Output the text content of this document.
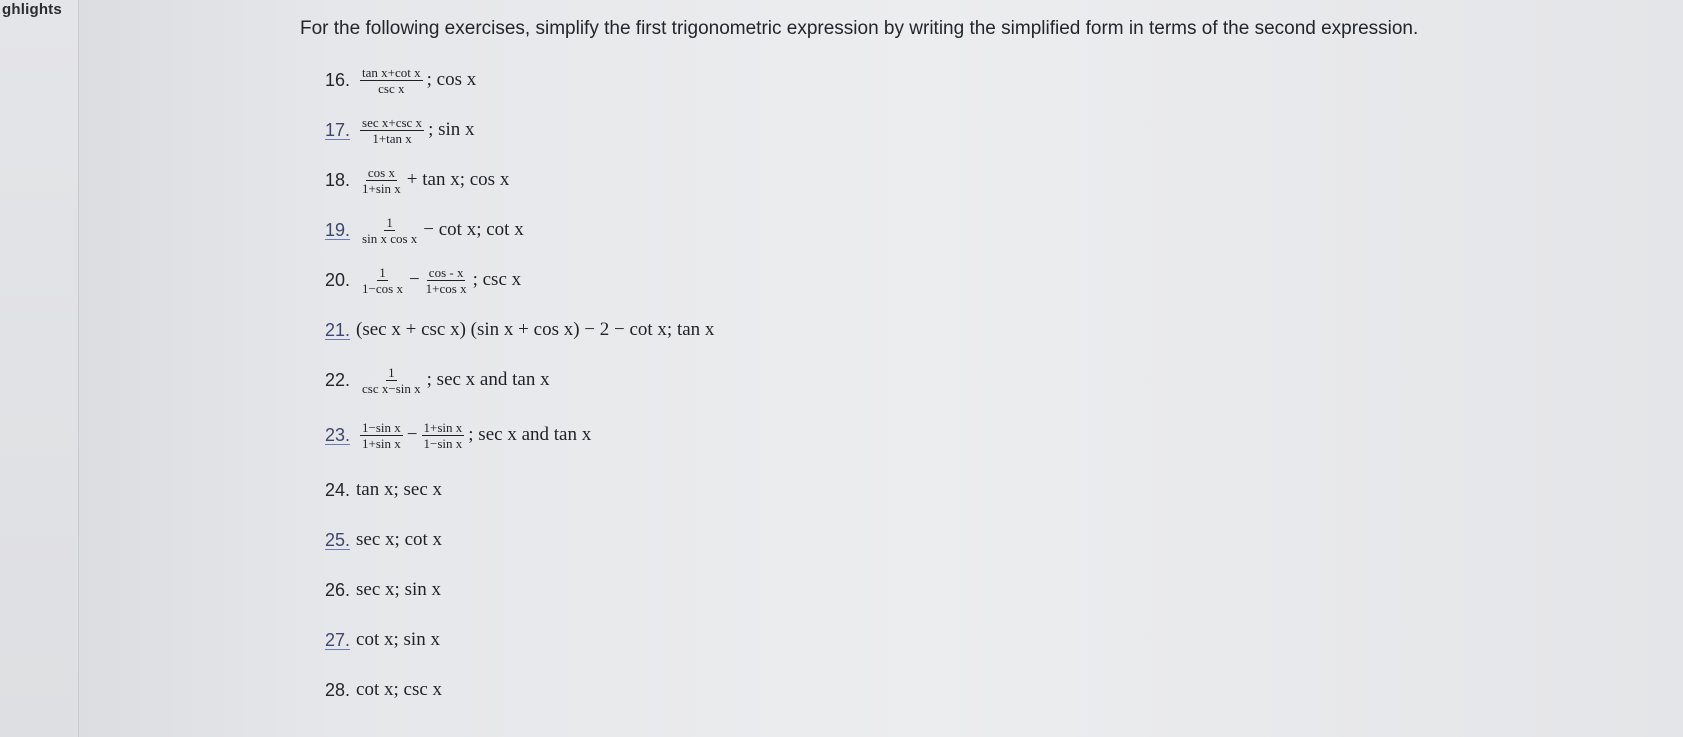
ghlights
For the following exercises, simplify the first trigonometric expression by writing the simplified form in terms of the second expression.
16. $\frac{\text{tan x+cot x}}{\text{csc x}}$ ; cos x
17. $\frac{\text{sec x+csc x}}{\text{1+tan x}}$ ; sin x
18. $\frac{\text{cos x}}{\text{1+sin x}} + \tan x$; cos x
19. $\frac{1}{\text{sin x cos x}} - \cot x$; cot x
20. $\frac{1}{\text{1−cos x}} - \frac{\cos - x}{\text{1+cos x}}$ ; csc x
21. (sec x + csc x) (sin x + cos x) − 2 − cot x; tan x
22. $\frac{1}{\text{csc x−sin x}}$ ; sec x and tan x
23. $\frac{\text{1−sin x}}{\text{1+sin x}} - \frac{\text{1+sin x}}{\text{1−sin x}}$ ; sec x and tan x
24. tan x; sec x
25. sec x; cot x
26. sec x; sin x
27. cot x; sin x
28. cot x; csc x
